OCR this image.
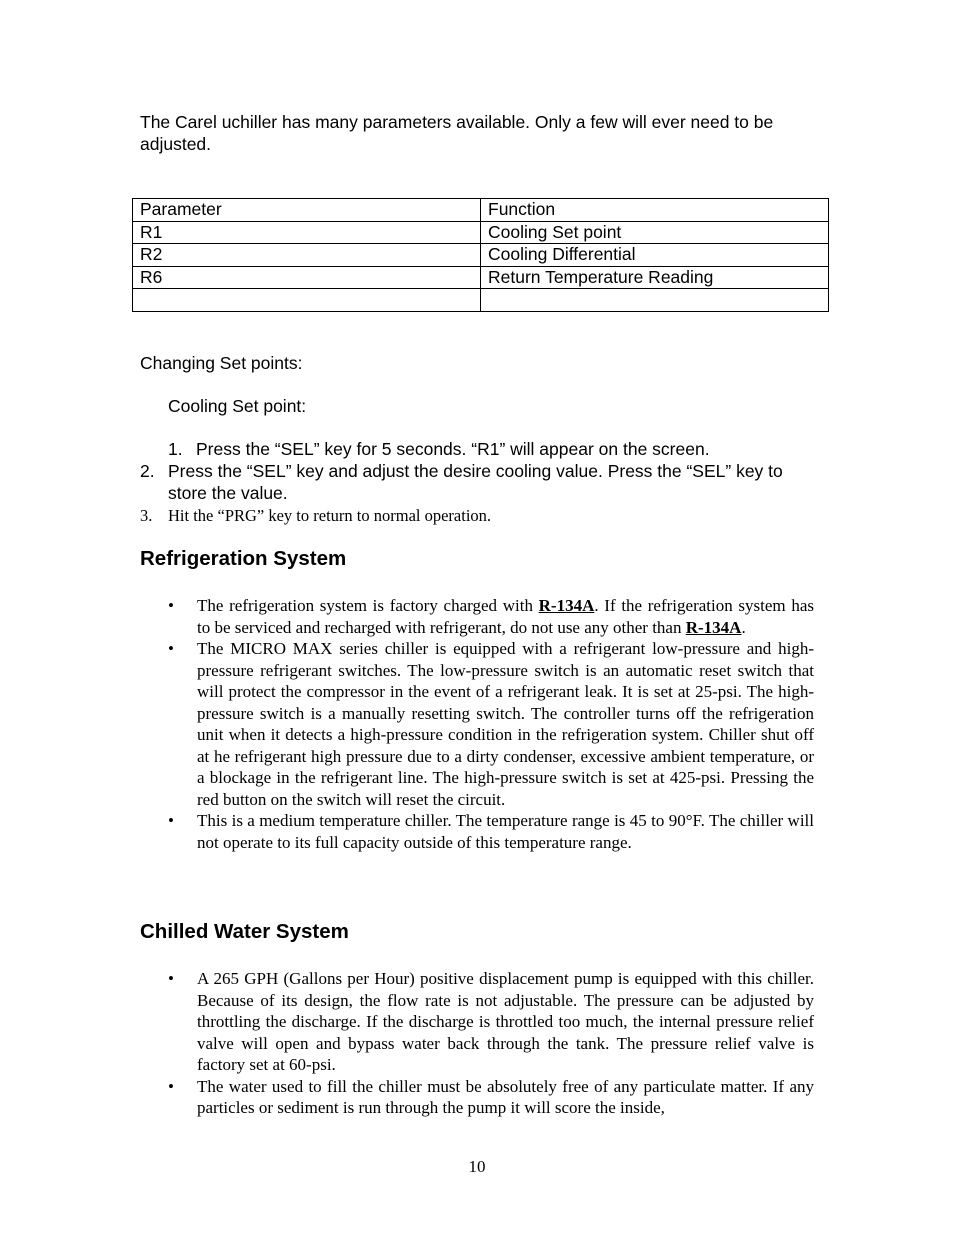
The Carel uchiller has many parameters available. Only a few will ever need to be adjusted.
Parameter	Function
R1	Cooling Set point
R2	Cooling Differential
R6	Return Temperature Reading

Changing Set points:
Cooling Set point:
1. Press the “SEL” key for 5 seconds. “R1” will appear on the screen.
2. Press the “SEL” key and adjust the desire cooling value. Press the “SEL” key to store the value.
3. Hit the “PRG” key to return to normal operation.
Refrigeration System
• The refrigeration system is factory charged with R-134A. If the refrigeration system has to be serviced and recharged with refrigerant, do not use any other than R-134A.
• The MICRO MAX series chiller is equipped with a refrigerant low-pressure and high-pressure refrigerant switches. The low-pressure switch is an automatic reset switch that will protect the compressor in the event of a refrigerant leak. It is set at 25-psi. The high-pressure switch is a manually resetting switch. The controller turns off the refrigeration unit when it detects a high-pressure condition in the refrigeration system. Chiller shut off at he refrigerant high pressure due to a dirty condenser, excessive ambient temperature, or a blockage in the refrigerant line. The high-pressure switch is set at 425-psi. Pressing the red button on the switch will reset the circuit.
• This is a medium temperature chiller. The temperature range is 45 to 90°F. The chiller will not operate to its full capacity outside of this temperature range.
Chilled Water System
• A 265 GPH (Gallons per Hour) positive displacement pump is equipped with this chiller. Because of its design, the flow rate is not adjustable. The pressure can be adjusted by throttling the discharge. If the discharge is throttled too much, the internal pressure relief valve will open and bypass water back through the tank. The pressure relief valve is factory set at 60-psi.
• The water used to fill the chiller must be absolutely free of any particulate matter. If any particles or sediment is run through the pump it will score the inside,
10
